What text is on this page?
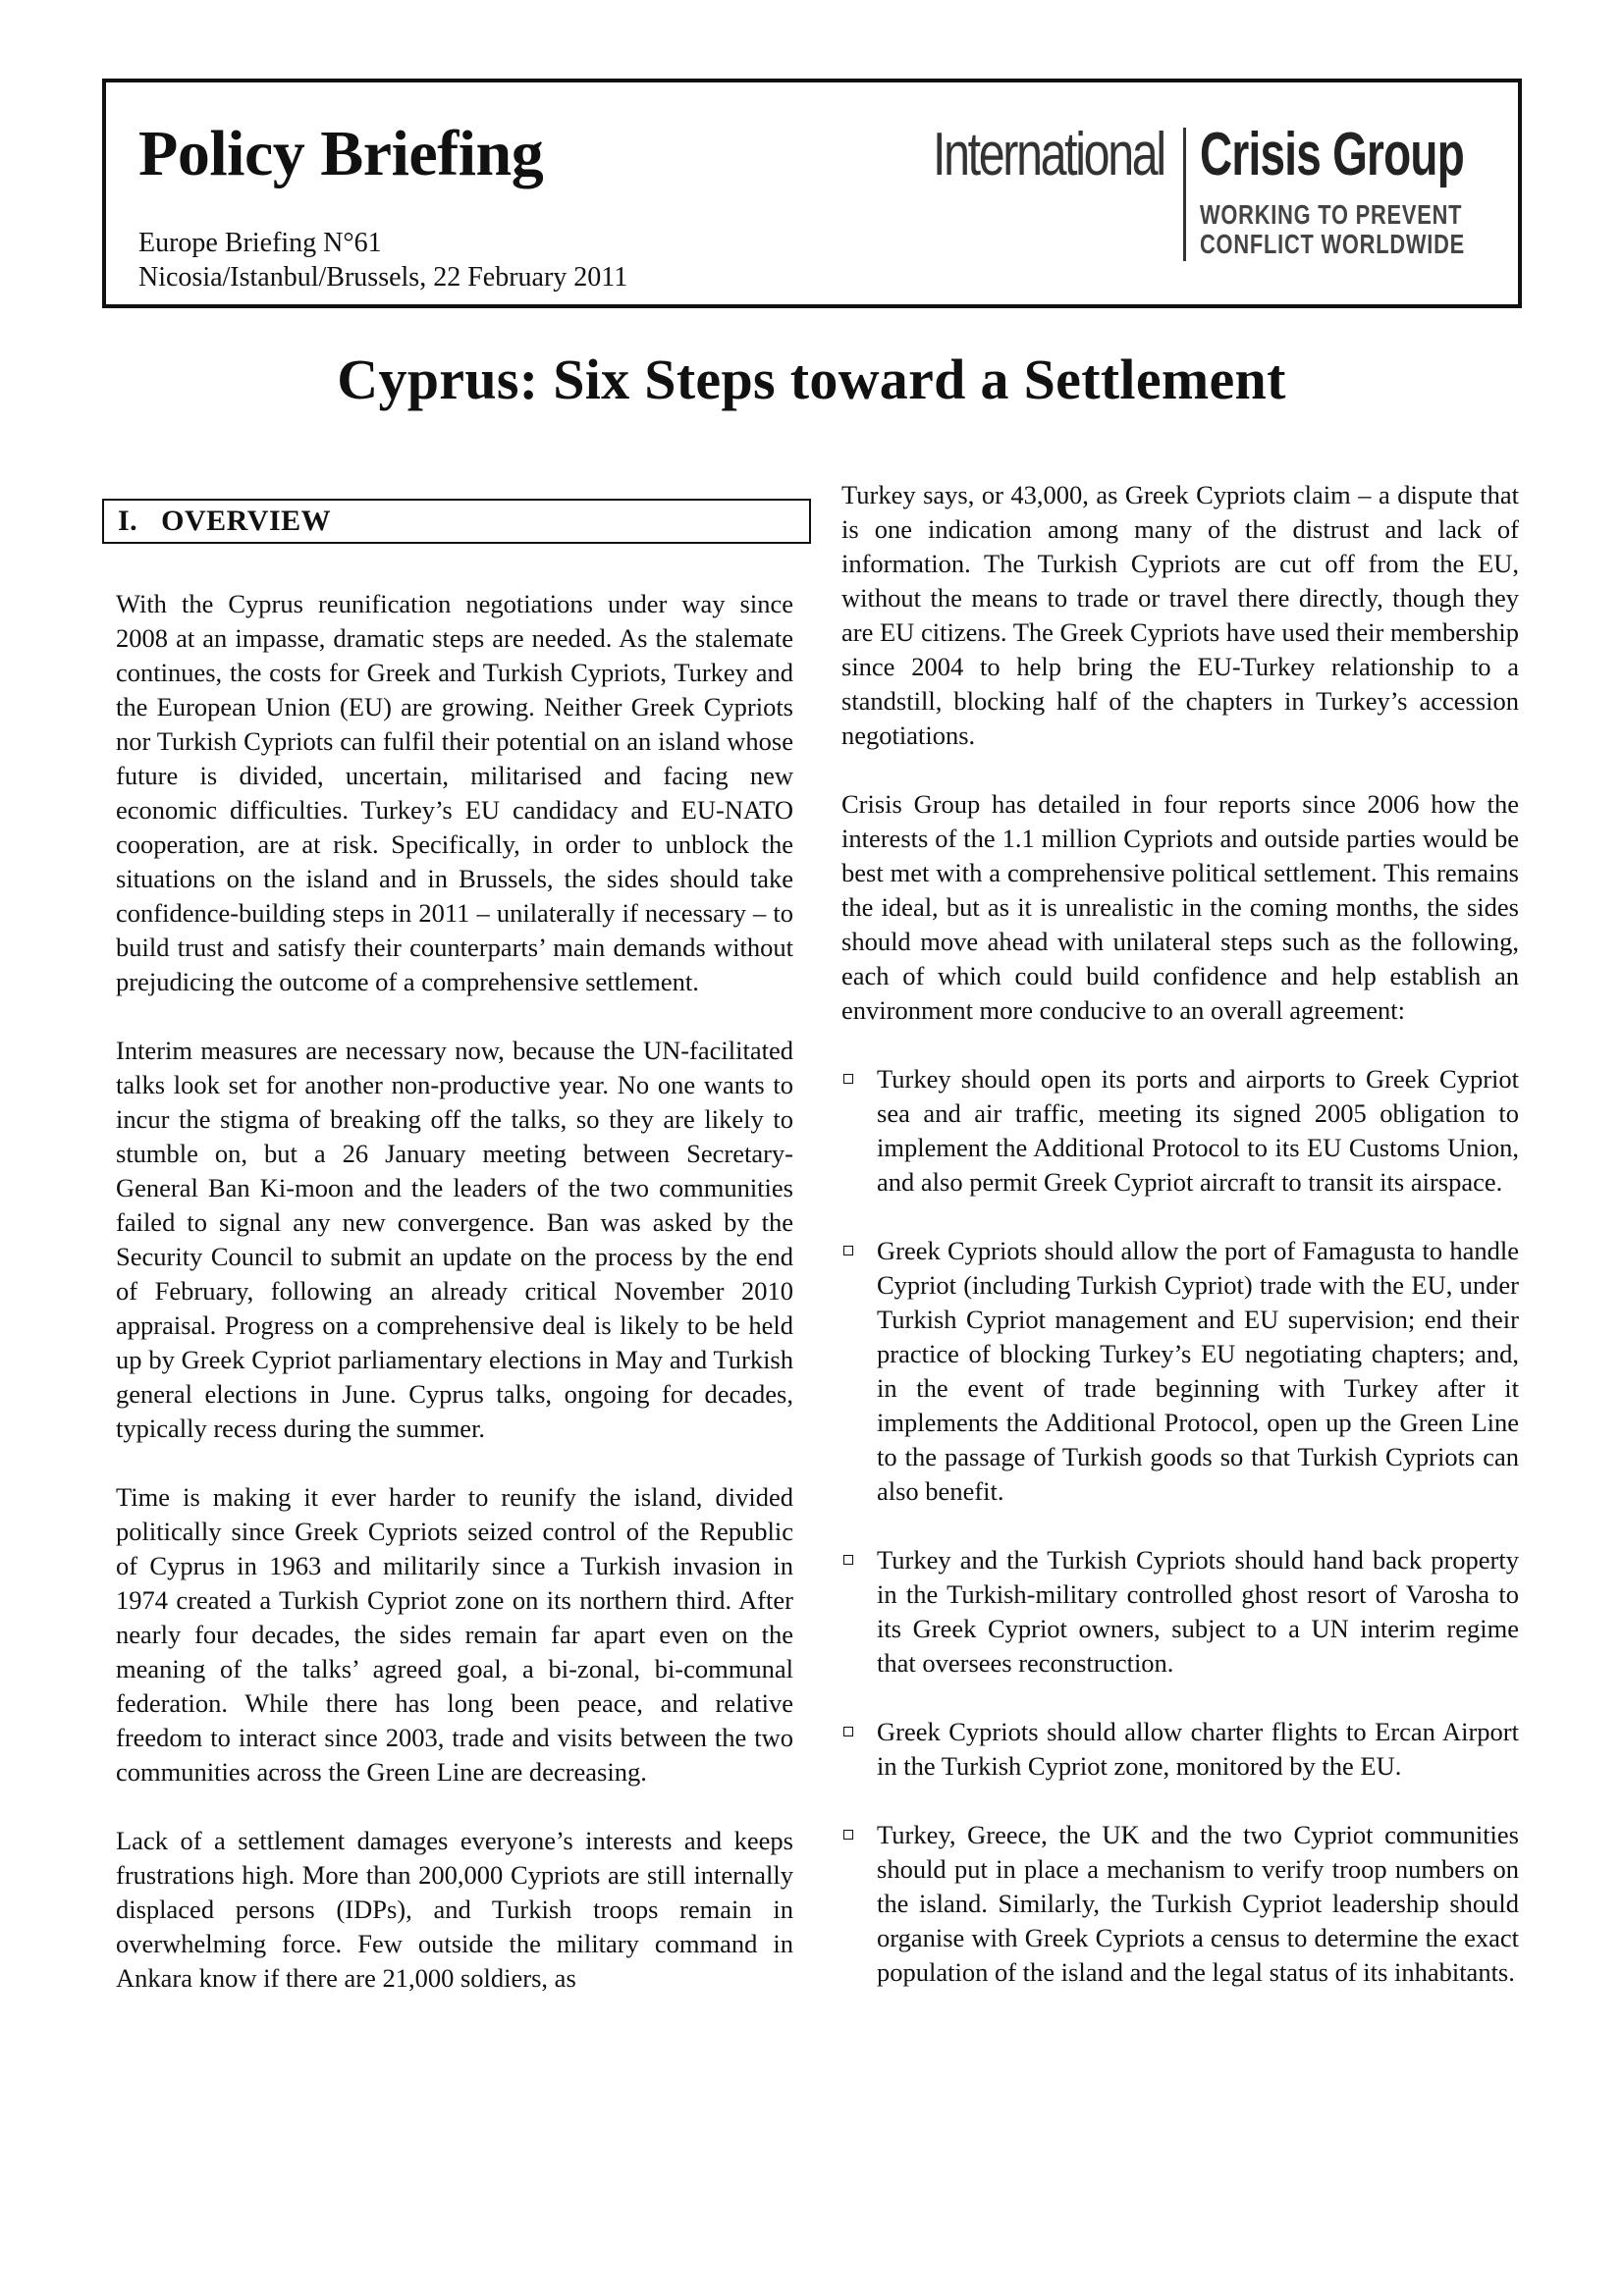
Policy Briefing
Europe Briefing N°61
Nicosia/Istanbul/Brussels, 22 February 2011
International Crisis Group
WORKING TO PREVENT
CONFLICT WORLDWIDE
Cyprus: Six Steps toward a Settlement
I.   OVERVIEW

With the Cyprus reunification negotiations under way since 2008 at an impasse, dramatic steps are needed. As the stalemate continues, the costs for Greek and Turkish Cypriots, Turkey and the European Union (EU) are growing. Neither Greek Cypriots nor Turkish Cypriots can fulfil their potential on an island whose future is divided, uncertain, militarised and facing new economic difficulties. Turkey’s EU candidacy and EU-NATO cooperation, are at risk. Specifically, in order to unblock the situations on the island and in Brussels, the sides should take confidence-building steps in 2011 – unilaterally if necessary – to build trust and satisfy their counterparts’ main demands without prejudicing the outcome of a comprehensive settlement.

Interim measures are necessary now, because the UN-facilitated talks look set for another non-productive year. No one wants to incur the stigma of breaking off the talks, so they are likely to stumble on, but a 26 January meeting between Secretary-General Ban Ki-moon and the leaders of the two communities failed to signal any new convergence. Ban was asked by the Security Council to submit an update on the process by the end of February, following an already critical November 2010 appraisal. Progress on a comprehensive deal is likely to be held up by Greek Cypriot parliamentary elections in May and Turkish general elections in June. Cyprus talks, ongoing for decades, typically recess during the summer.

Time is making it ever harder to reunify the island, divided politically since Greek Cypriots seized control of the Republic of Cyprus in 1963 and militarily since a Turkish invasion in 1974 created a Turkish Cypriot zone on its northern third. After nearly four decades, the sides remain far apart even on the meaning of the talks’ agreed goal, a bi-zonal, bi-communal federation. While there has long been peace, and relative freedom to interact since 2003, trade and visits between the two communities across the Green Line are decreasing.

Lack of a settlement damages everyone’s interests and keeps frustrations high. More than 200,000 Cypriots are still internally displaced persons (IDPs), and Turkish troops remain in overwhelming force. Few outside the military command in Ankara know if there are 21,000 soldiers, as

Turkey says, or 43,000, as Greek Cypriots claim – a dispute that is one indication among many of the distrust and lack of information. The Turkish Cypriots are cut off from the EU, without the means to trade or travel there directly, though they are EU citizens. The Greek Cypriots have used their membership since 2004 to help bring the EU-Turkey relationship to a standstill, blocking half of the chapters in Turkey’s accession negotiations.

Crisis Group has detailed in four reports since 2006 how the interests of the 1.1 million Cypriots and outside parties would be best met with a comprehensive political settlement. This remains the ideal, but as it is unrealistic in the coming months, the sides should move ahead with unilateral steps such as the following, each of which could build confidence and help establish an environment more conducive to an overall agreement:

Turkey should open its ports and airports to Greek Cypriot sea and air traffic, meeting its signed 2005 obligation to implement the Additional Protocol to its EU Customs Union, and also permit Greek Cypriot aircraft to transit its airspace.
Greek Cypriots should allow the port of Famagusta to handle Cypriot (including Turkish Cypriot) trade with the EU, under Turkish Cypriot management and EU supervision; end their practice of blocking Turkey’s EU negotiating chapters; and, in the event of trade beginning with Turkey after it implements the Additional Protocol, open up the Green Line to the passage of Turkish goods so that Turkish Cypriots can also benefit.
Turkey and the Turkish Cypriots should hand back property in the Turkish-military controlled ghost resort of Varosha to its Greek Cypriot owners, subject to a UN interim regime that oversees reconstruction.
Greek Cypriots should allow charter flights to Ercan Airport in the Turkish Cypriot zone, monitored by the EU.
Turkey, Greece, the UK and the two Cypriot communities should put in place a mechanism to verify troop numbers on the island. Similarly, the Turkish Cypriot leadership should organise with Greek Cypriots a census to determine the exact population of the island and the legal status of its inhabitants.
